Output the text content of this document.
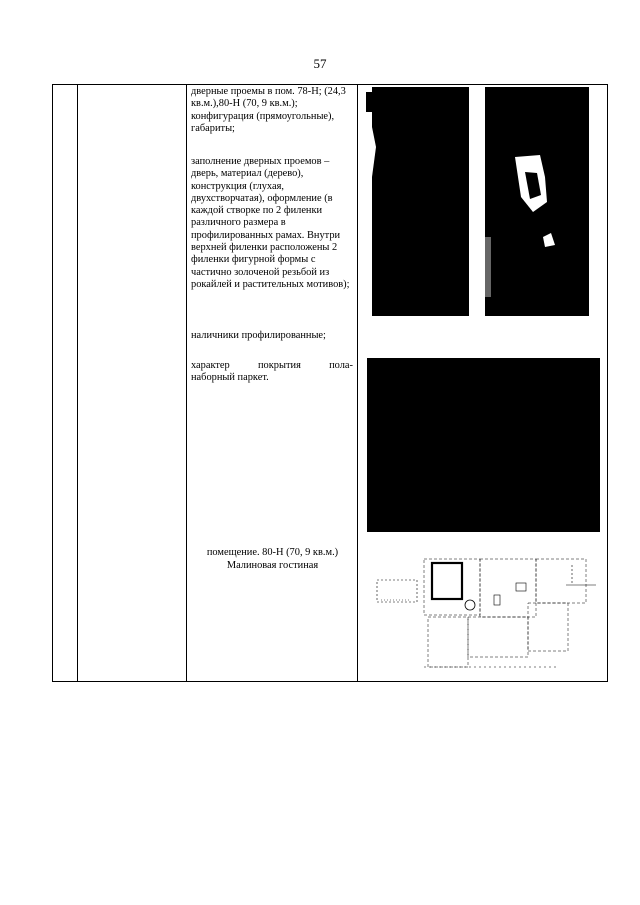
57

дверные проемы в пом. 78-Н; (24,3 кв.м.),80-Н (70, 9 кв.м.); конфигурация (прямоугольные), габариты;

заполнение дверных проемов – дверь, материал (дерево), конструкция (глухая, двухстворчатая), оформление (в каждой створке по 2 филенки различного размера в профилированных рамах. Внутри верхней филенки расположены 2 филенки фигурной формы с частично золоченой резьбой из рокайлей и растительных мотивов);

наличники профилированные;

характер покрытия пола-

наборный паркет.

помещение. 80-Н (70, 9 кв.м.)

Малиновая гостиная
